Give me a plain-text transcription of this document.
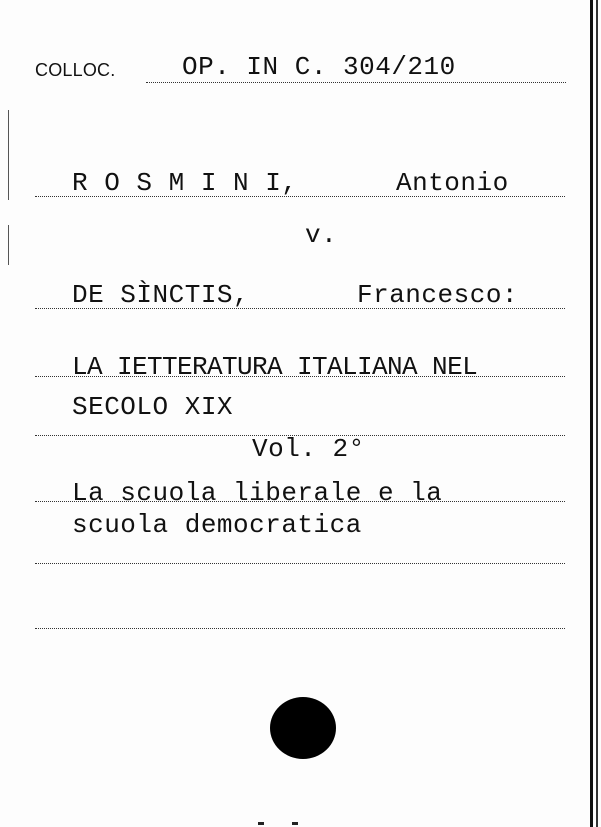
COLLOC.	OP. IN C. 304/210
R O S M I N I,	Antonio
v.
DE SÌNCTIS,	Francesco:
LA IETTERATURA ITALIANA NEL
SECOLO XIX
Vol. 2°
La scuola liberale e la
scuola democratica
